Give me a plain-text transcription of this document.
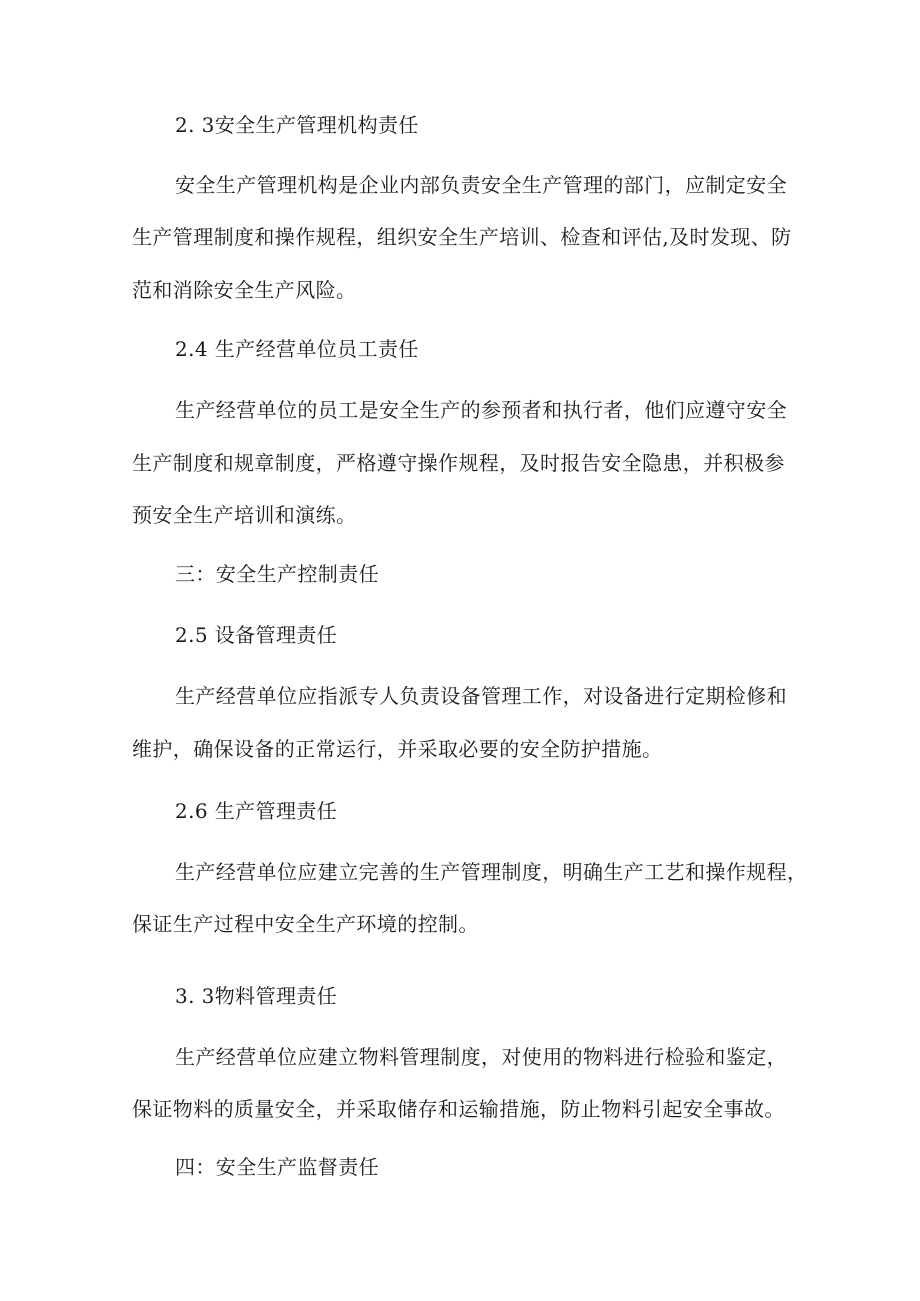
2. 3安全生产管理机构责任
安全生产管理机构是企业内部负责安全生产管理的部门，应制定安全
生产管理制度和操作规程，组织安全生产培训、检查和评估,及时发现、防
范和消除安全生产风险。
2.4 生产经营单位员工责任
生产经营单位的员工是安全生产的参预者和执行者，他们应遵守安全
生产制度和规章制度，严格遵守操作规程，及时报告安全隐患，并积极参
预安全生产培训和演练。
三：安全生产控制责任
2.5 设备管理责任
生产经营单位应指派专人负责设备管理工作，对设备进行定期检修和
维护，确保设备的正常运行，并采取必要的安全防护措施。
2.6 生产管理责任
生产经营单位应建立完善的生产管理制度，明确生产工艺和操作规程，
保证生产过程中安全生产环境的控制。
3. 3物料管理责任
生产经营单位应建立物料管理制度，对使用的物料进行检验和鉴定，
保证物料的质量安全，并采取储存和运输措施，防止物料引起安全事故。
四：安全生产监督责任
